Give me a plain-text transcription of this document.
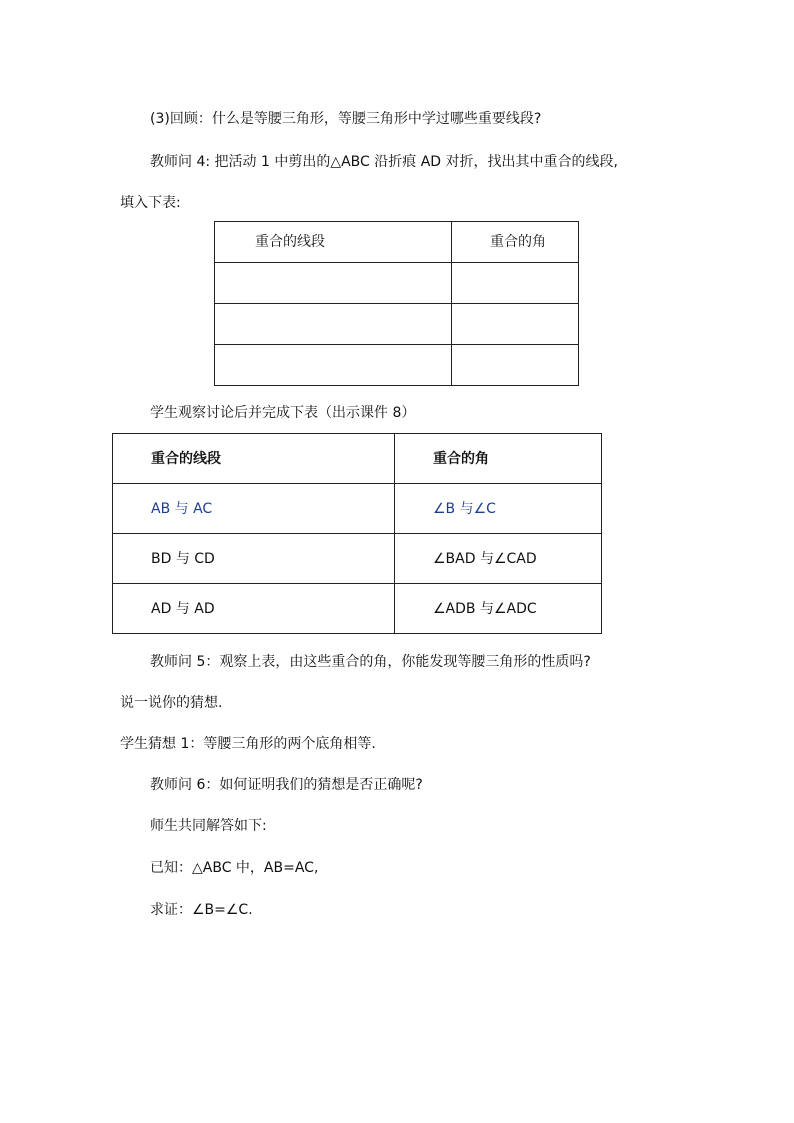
(3)回顾：什么是等腰三角形，等腰三角形中学过哪些重要线段?

教师问 4: 把活动 1 中剪出的△ABC 沿折痕 AD 对折，找出其中重合的线段,

填入下表:

重合的线段	重合的角

学生观察讨论后并完成下表（出示课件 8）

重合的线段	重合的角
AB 与 AC	∠B 与∠C
BD 与 CD	∠BAD 与∠CAD
AD 与 AD	∠ADB 与∠ADC

教师问 5：观察上表，由这些重合的角，你能发现等腰三角形的性质吗?

说一说你的猜想.

学生猜想 1：等腰三角形的两个底角相等.

教师问 6：如何证明我们的猜想是否正确呢?

师生共同解答如下:

已知：△ABC 中，AB=AC,

求证：∠B=∠C.
